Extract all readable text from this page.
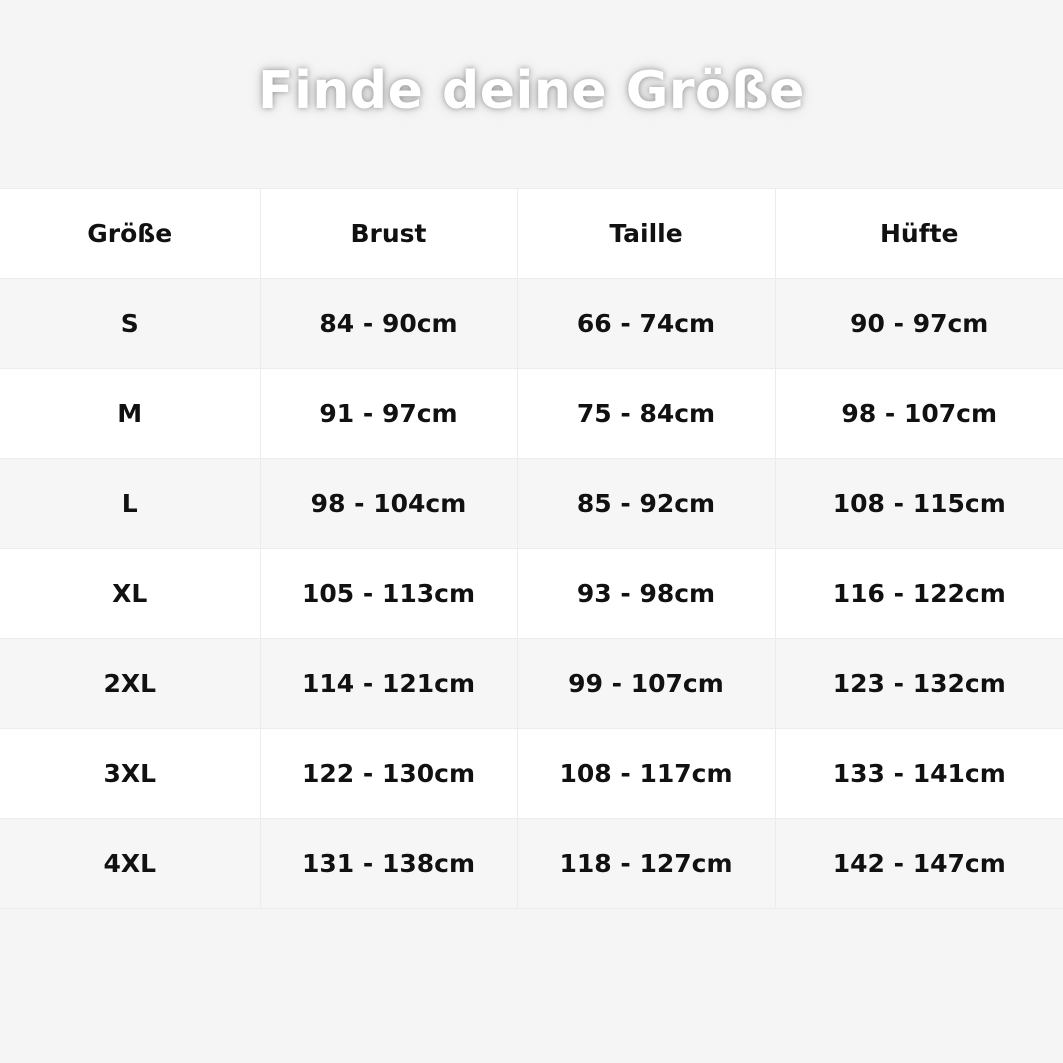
Finde deine Größe
Größe	Brust	Taille	Hüfte
S	84 - 90cm	66 - 74cm	90 - 97cm
M	91 - 97cm	75 - 84cm	98 - 107cm
L	98 - 104cm	85 - 92cm	108 - 115cm
XL	105 - 113cm	93 - 98cm	116 - 122cm
2XL	114 - 121cm	99 - 107cm	123 - 132cm
3XL	122 - 130cm	108 - 117cm	133 - 141cm
4XL	131 - 138cm	118 - 127cm	142 - 147cm
